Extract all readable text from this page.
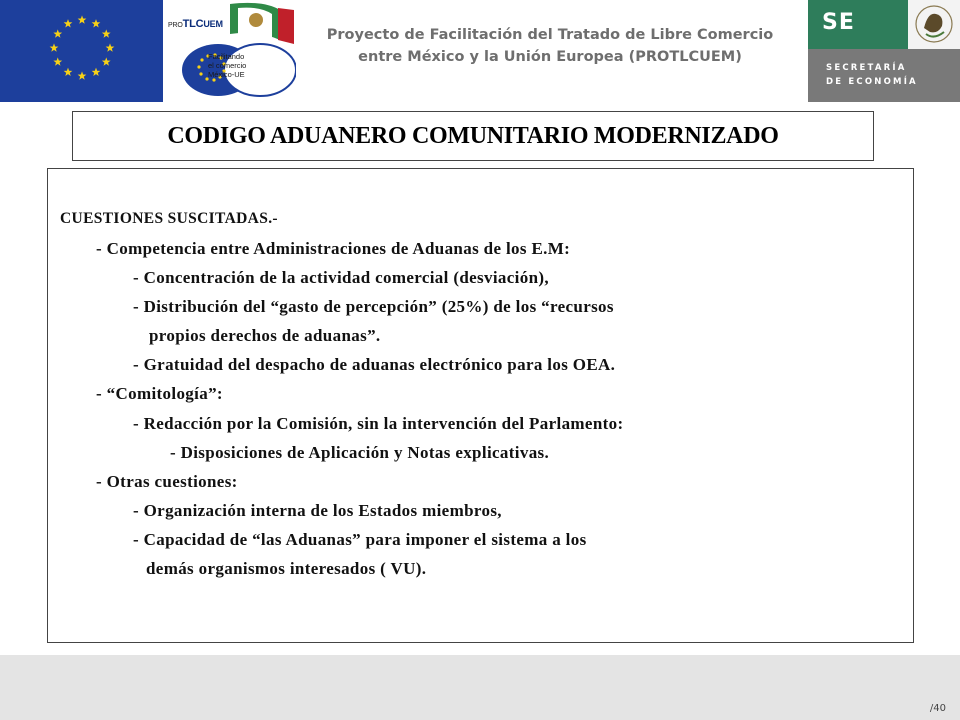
PROTLCUEM
Facilitando
el comercio
México-UE
Proyecto de Facilitación del Tratado de Libre Comercio
entre México y la Unión Europea (PROTLCUEM)
SE
SECRETARÍA
DE ECONOMÍA
CODIGO ADUANERO COMUNITARIO MODERNIZADO
CUESTIONES SUSCITADAS.-
- Competencia entre Administraciones de Aduanas de los E.M:
- Concentración de la actividad comercial (desviación),
- Distribución del “gasto de percepción” (25%) de los “recursos
propios derechos de aduanas”.
- Gratuidad del despacho de aduanas electrónico para los OEA.
- “Comitología”:
- Redacción por la Comisión, sin la intervención del Parlamento:
- Disposiciones de Aplicación y Notas explicativas.
- Otras cuestiones:
- Organización interna de los Estados miembros,
- Capacidad de “las Aduanas” para imponer el sistema a los
demás organismos interesados ( VU).
/40
